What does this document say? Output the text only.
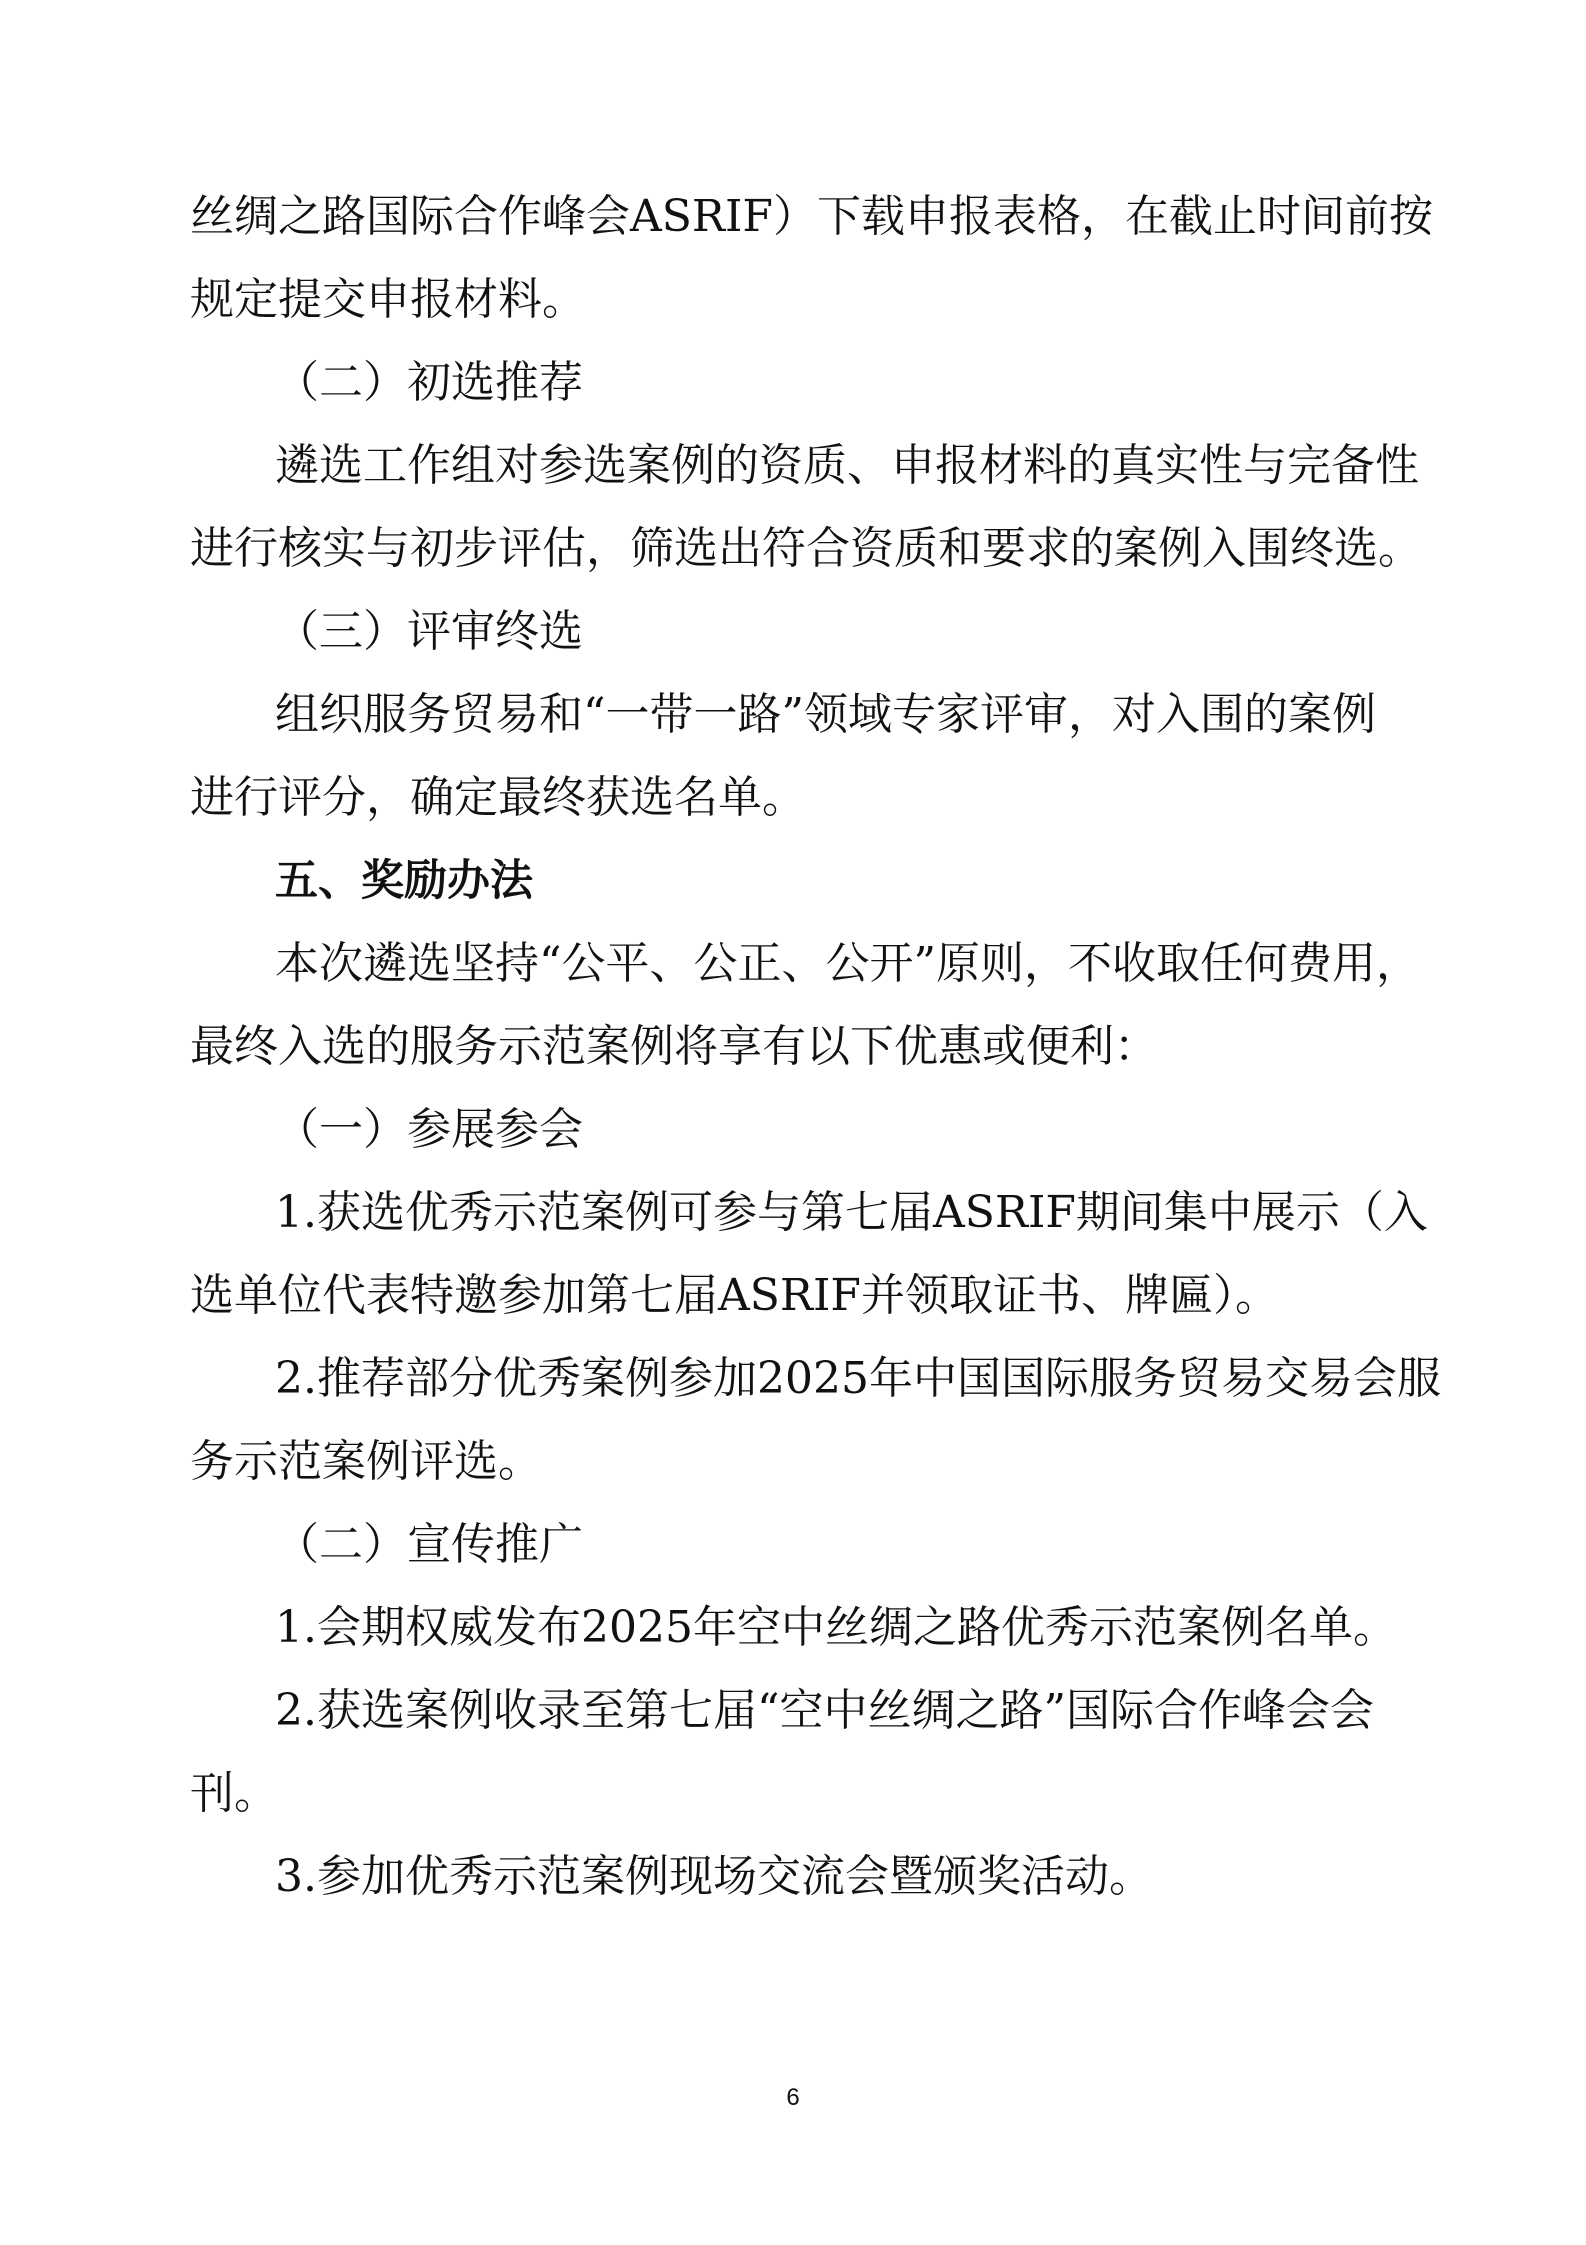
丝绸之路国际合作峰会ASRIF）下载申报表格，在截止时间前按
规定提交申报材料。
（二）初选推荐
遴选工作组对参选案例的资质、申报材料的真实性与完备性
进行核实与初步评估，筛选出符合资质和要求的案例入围终选。
（三）评审终选
组织服务贸易和“一带一路”领域专家评审，对入围的案例
进行评分，确定最终获选名单。
五、奖励办法
本次遴选坚持“公平、公正、公开”原则，不收取任何费用，
最终入选的服务示范案例将享有以下优惠或便利：
（一）参展参会
1.获选优秀示范案例可参与第七届ASRIF期间集中展示（入
选单位代表特邀参加第七届ASRIF并领取证书、牌匾）。
2.推荐部分优秀案例参加2025年中国国际服务贸易交易会服
务示范案例评选。
（二）宣传推广
1.会期权威发布2025年空中丝绸之路优秀示范案例名单。
2.获选案例收录至第七届“空中丝绸之路”国际合作峰会会
刊。
3.参加优秀示范案例现场交流会暨颁奖活动。
6
